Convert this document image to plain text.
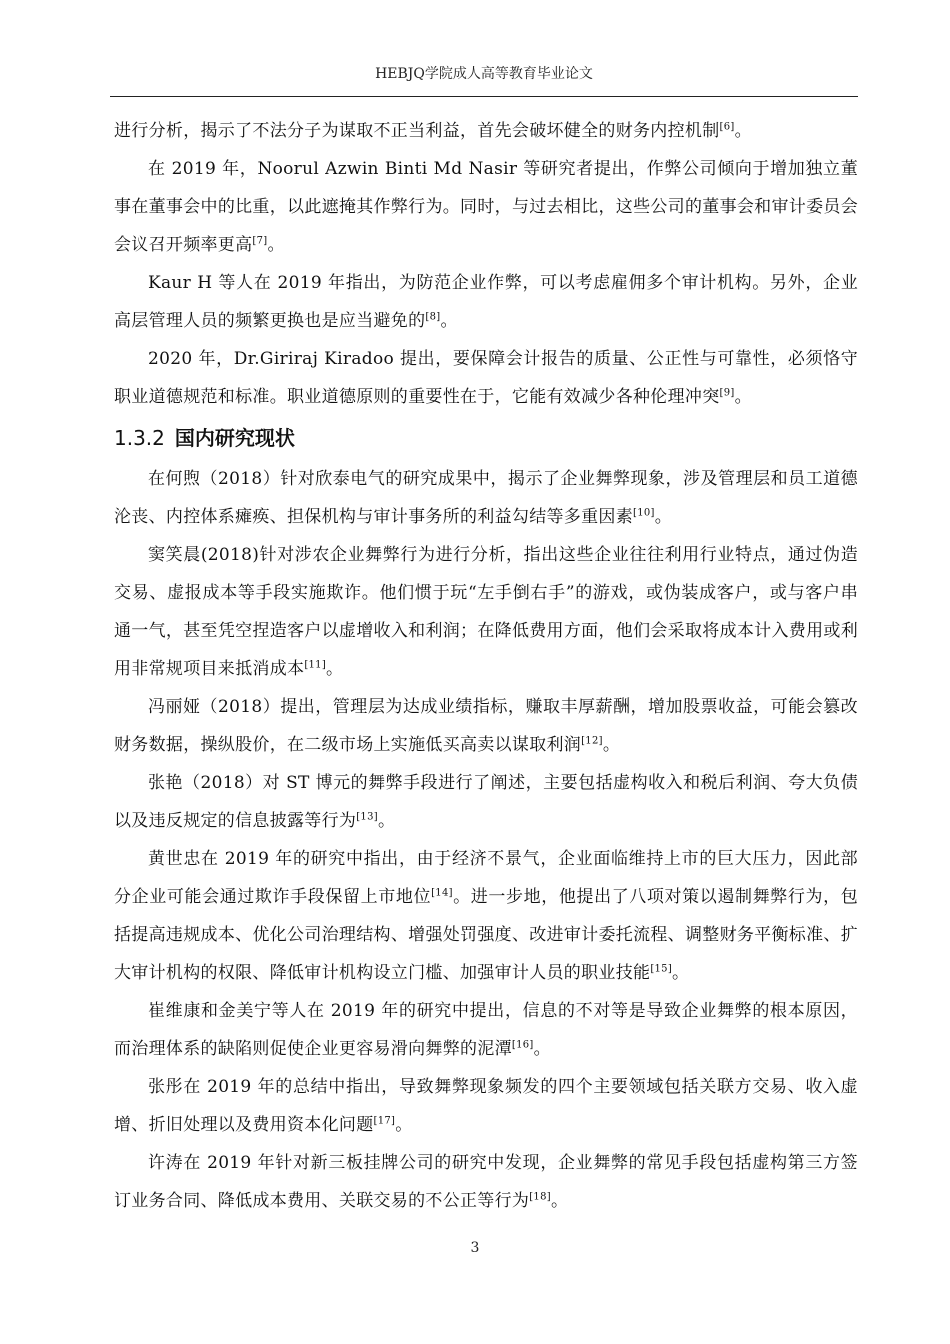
HEBJQ学院成人高等教育毕业论文

进行分析，揭示了不法分子为谋取不正当利益，首先会破坏健全的财务内控机制[6]。

在 2019 年，Noorul Azwin Binti Md Nasir 等研究者提出，作弊公司倾向于增加独立董事在董事会中的比重，以此遮掩其作弊行为。同时，与过去相比，这些公司的董事会和审计委员会会议召开频率更高[7]。

Kaur H 等人在 2019 年指出，为防范企业作弊，可以考虑雇佣多个审计机构。另外，企业高层管理人员的频繁更换也是应当避免的[8]。

2020 年，Dr.Giriraj Kiradoo 提出，要保障会计报告的质量、公正性与可靠性，必须恪守职业道德规范和标准。职业道德原则的重要性在于，它能有效减少各种伦理冲突[9]。

1.3.2 国内研究现状

在何煦（2018）针对欣泰电气的研究成果中，揭示了企业舞弊现象，涉及管理层和员工道德沦丧、内控体系瘫痪、担保机构与审计事务所的利益勾结等多重因素[10]。

窦笑晨(2018)针对涉农企业舞弊行为进行分析，指出这些企业往往利用行业特点，通过伪造交易、虚报成本等手段实施欺诈。他们惯于玩“左手倒右手”的游戏，或伪装成客户，或与客户串通一气，甚至凭空捏造客户以虚增收入和利润；在降低费用方面，他们会采取将成本计入费用或利用非常规项目来抵消成本[11]。

冯丽娅（2018）提出，管理层为达成业绩指标，赚取丰厚薪酬，增加股票收益，可能会篡改财务数据，操纵股价，在二级市场上实施低买高卖以谋取利润[12]。

张艳（2018）对 ST 博元的舞弊手段进行了阐述，主要包括虚构收入和税后利润、夸大负债以及违反规定的信息披露等行为[13]。

黄世忠在 2019 年的研究中指出，由于经济不景气，企业面临维持上市的巨大压力，因此部分企业可能会通过欺诈手段保留上市地位[14]。进一步地，他提出了八项对策以遏制舞弊行为，包括提高违规成本、优化公司治理结构、增强处罚强度、改进审计委托流程、调整财务平衡标准、扩大审计机构的权限、降低审计机构设立门槛、加强审计人员的职业技能[15]。

崔维康和金美宁等人在 2019 年的研究中提出，信息的不对等是导致企业舞弊的根本原因，而治理体系的缺陷则促使企业更容易滑向舞弊的泥潭[16]。

张彤在 2019 年的总结中指出，导致舞弊现象频发的四个主要领域包括关联方交易、收入虚增、折旧处理以及费用资本化问题[17]。

许涛在 2019 年针对新三板挂牌公司的研究中发现，企业舞弊的常见手段包括虚构第三方签订业务合同、降低成本费用、关联交易的不公正等行为[18]。

3
